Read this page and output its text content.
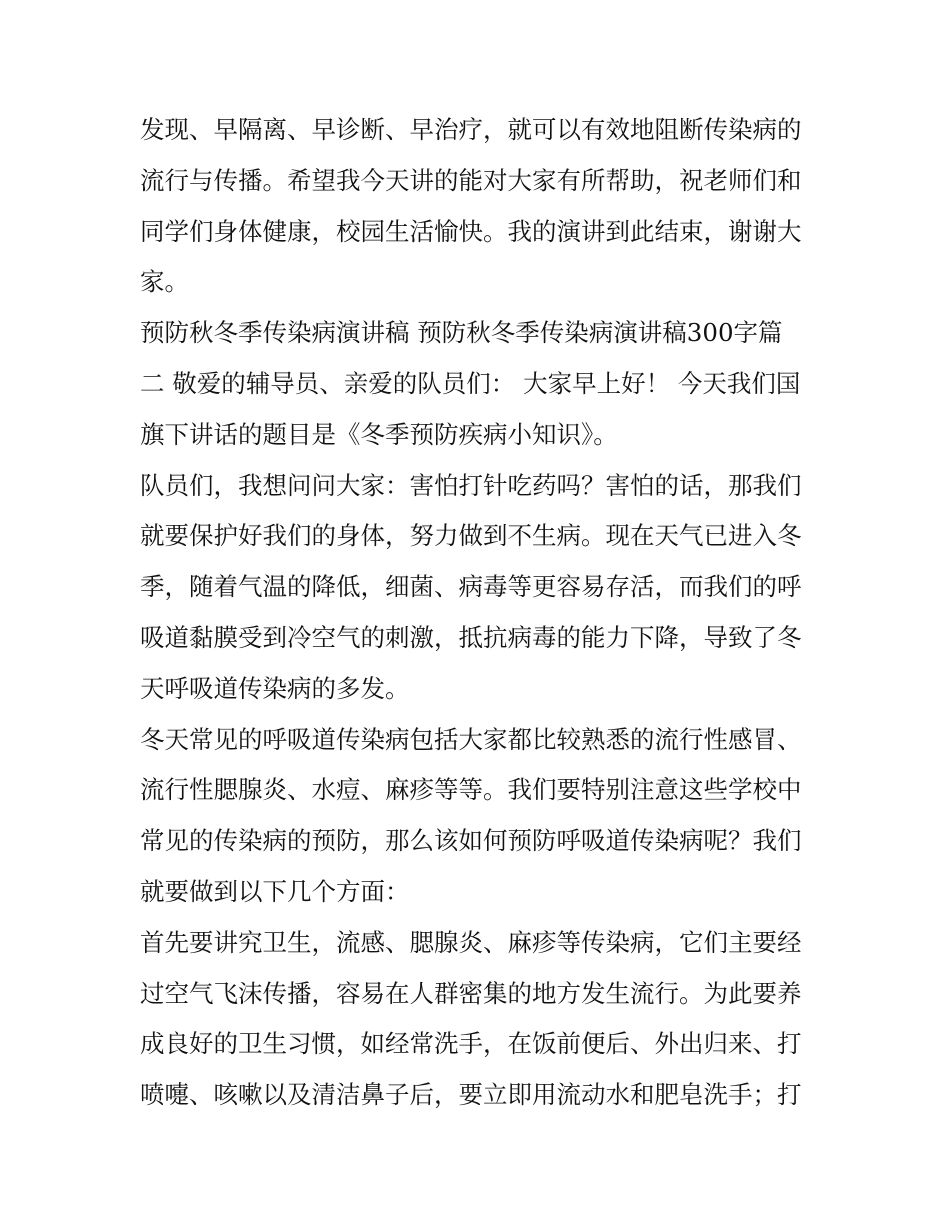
发现、早隔离、早诊断、早治疗，就可以有效地阻断传染病的
流行与传播。希望我今天讲的能对大家有所帮助，祝老师们和
同学们身体健康，校园生活愉快。我的演讲到此结束，谢谢大
家。
预防秋冬季传染病演讲稿 预防秋冬季传染病演讲稿300字篇
二 敬爱的辅导员、亲爱的队员们： 大家早上好！ 今天我们国
旗下讲话的题目是《冬季预防疾病小知识》。
队员们，我想问问大家：害怕打针吃药吗？害怕的话，那我们
就要保护好我们的身体，努力做到不生病。现在天气已进入冬
季，随着气温的降低，细菌、病毒等更容易存活，而我们的呼
吸道黏膜受到冷空气的刺激，抵抗病毒的能力下降，导致了冬
天呼吸道传染病的多发。
冬天常见的呼吸道传染病包括大家都比较熟悉的流行性感冒、
流行性腮腺炎、水痘、麻疹等等。我们要特别注意这些学校中
常见的传染病的预防，那么该如何预防呼吸道传染病呢？我们
就要做到以下几个方面：
首先要讲究卫生，流感、腮腺炎、麻疹等传染病，它们主要经
过空气飞沫传播，容易在人群密集的地方发生流行。为此要养
成良好的卫生习惯，如经常洗手，在饭前便后、外出归来、打
喷嚏、咳嗽以及清洁鼻子后，要立即用流动水和肥皂洗手；打
